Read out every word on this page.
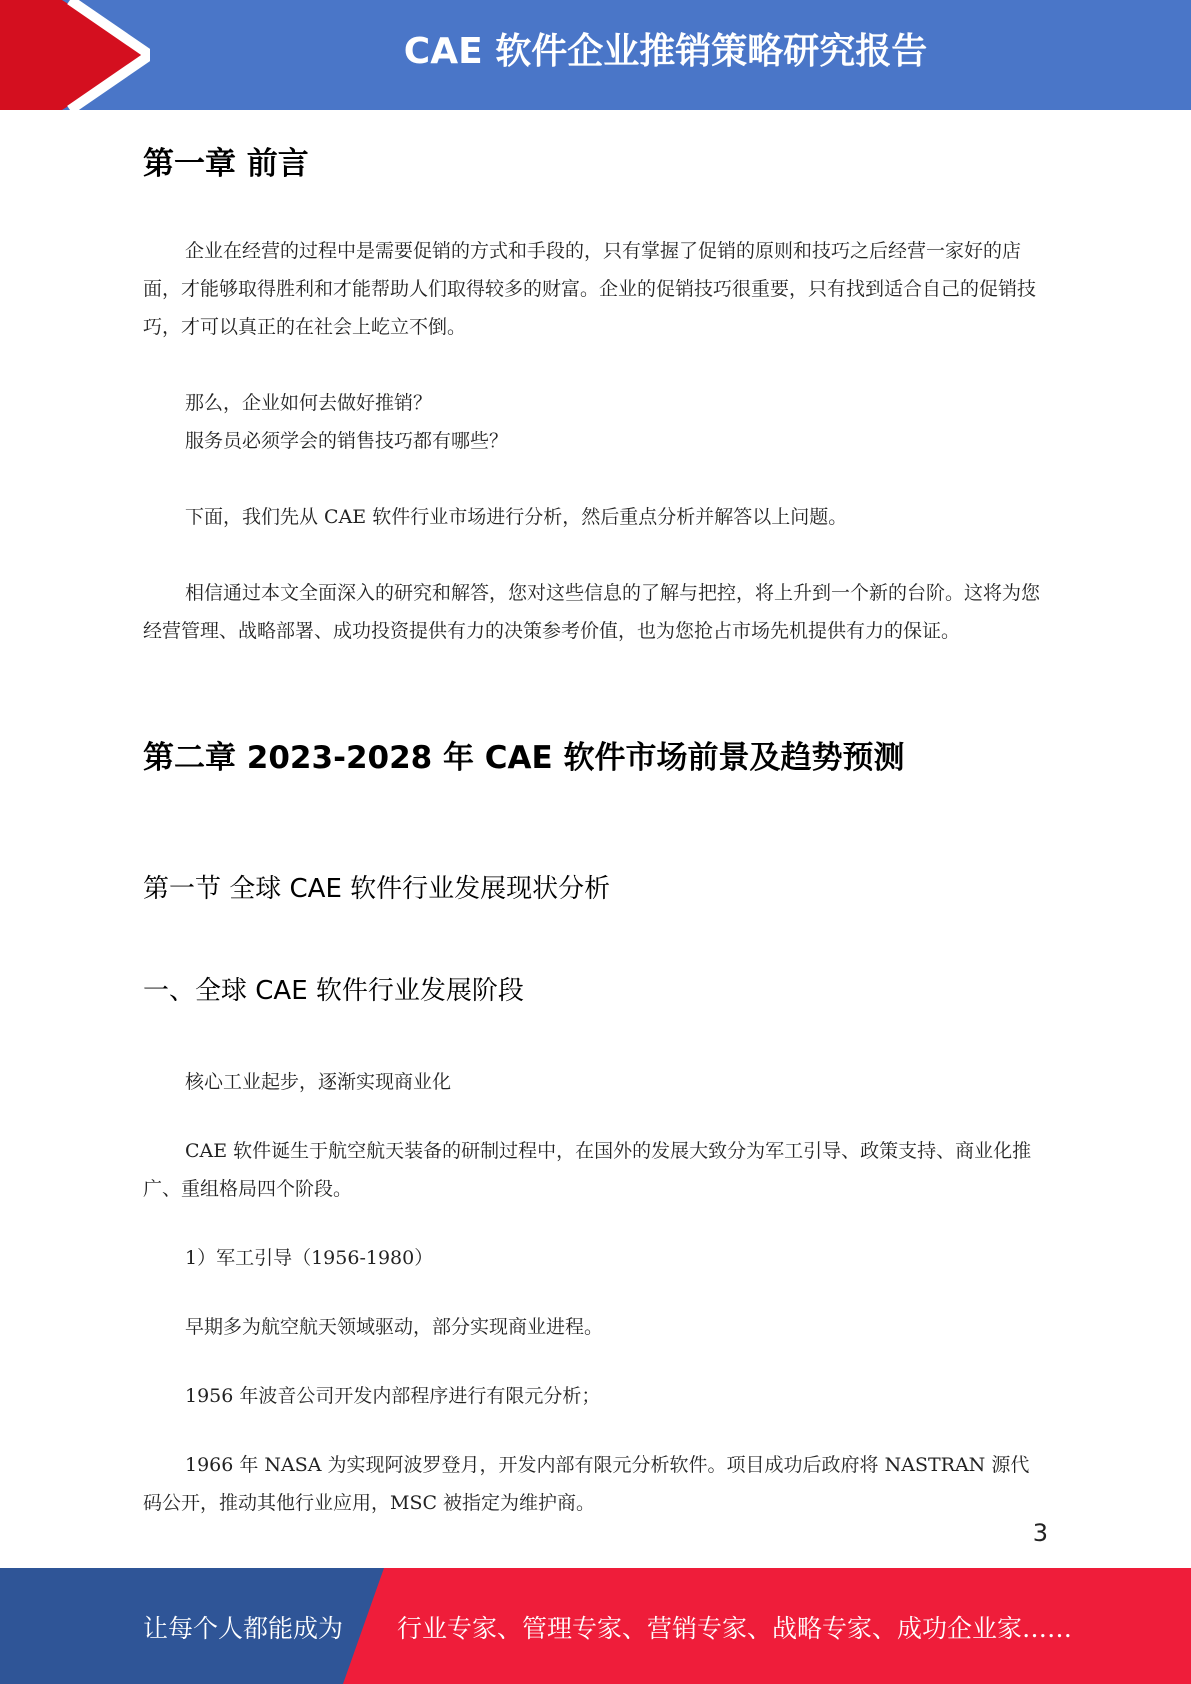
CAE 软件企业推销策略研究报告
第一章 前言

企业在经营的过程中是需要促销的方式和手段的，只有掌握了促销的原则和技巧之后经营一家好的店面，才能够取得胜利和才能帮助人们取得较多的财富。企业的促销技巧很重要，只有找到适合自己的促销技巧，才可以真正的在社会上屹立不倒。

那么，企业如何去做好推销？

服务员必须学会的销售技巧都有哪些？

下面，我们先从 CAE 软件行业市场进行分析，然后重点分析并解答以上问题。

相信通过本文全面深入的研究和解答，您对这些信息的了解与把控，将上升到一个新的台阶。这将为您经营管理、战略部署、成功投资提供有力的决策参考价值，也为您抢占市场先机提供有力的保证。

第二章 2023-2028 年 CAE 软件市场前景及趋势预测
第一节 全球 CAE 软件行业发展现状分析
一、全球 CAE 软件行业发展阶段

核心工业起步，逐渐实现商业化

CAE 软件诞生于航空航天装备的研制过程中，在国外的发展大致分为军工引导、政策支持、商业化推广、重组格局四个阶段。

1）军工引导（1956-1980）

早期多为航空航天领域驱动，部分实现商业进程。

1956 年波音公司开发内部程序进行有限元分析；

1966 年 NASA 为实现阿波罗登月，开发内部有限元分析软件。项目成功后政府将 NASTRAN 源代码公开，推动其他行业应用，MSC 被指定为维护商。

3
让每个人都能成为 行业专家、管理专家、营销专家、战略专家、成功企业家……
